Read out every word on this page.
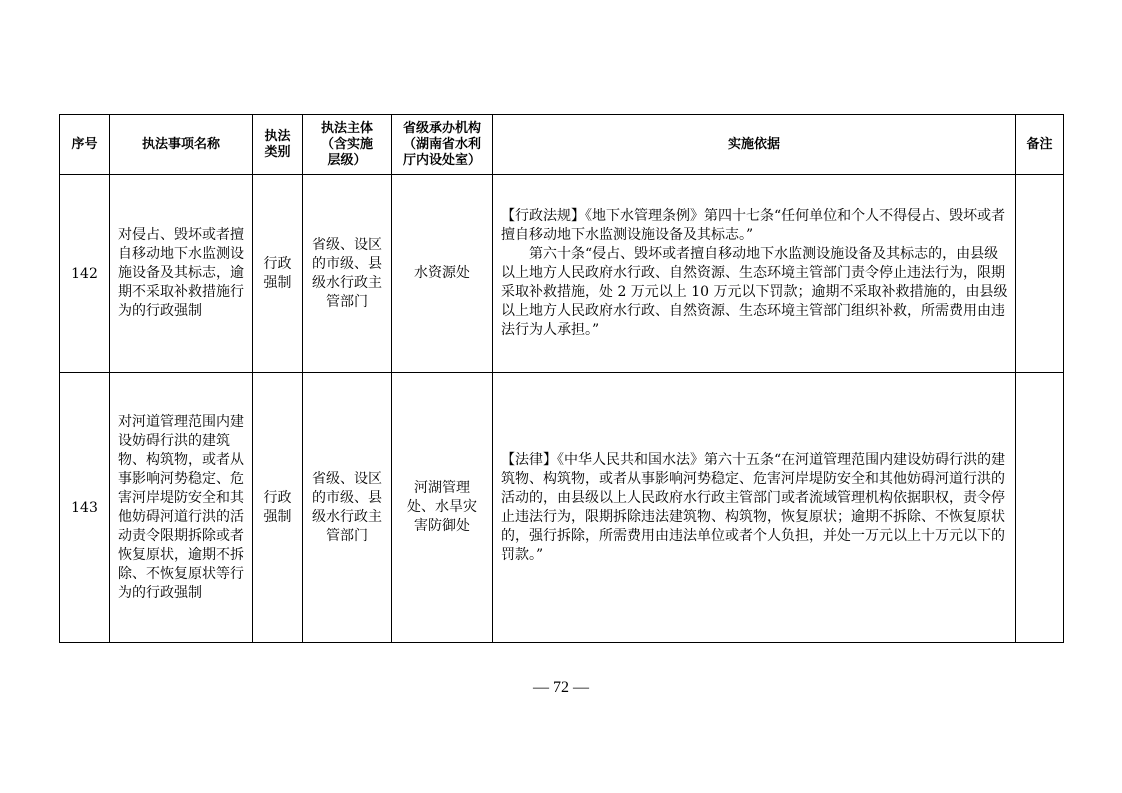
序号	执法事项名称	执法类别	执法主体（含实施层级）	省级承办机构（湖南省水利厅内设处室）	实施依据	备注
142	对侵占、毁坏或者擅自移动地下水监测设施设备及其标志，逾期不采取补救措施行为的行政强制	行政强制	省级、设区的市级、县级水行政主管部门	水资源处	【行政法规】《地下水管理条例》第四十七条“任何单位和个人不得侵占、毁坏或者擅自移动地下水监测设施设备及其标志。”

第六十条“侵占、毁坏或者擅自移动地下水监测设施设备及其标志的，由县级以上地方人民政府水行政、自然资源、生态环境主管部门责令停止违法行为，限期采取补救措施，处 2 万元以上 10 万元以下罚款；逾期不采取补救措施的，由县级以上地方人民政府水行政、自然资源、生态环境主管部门组织补救，所需费用由违法行为人承担。”	

143	对河道管理范围内建设妨碍行洪的建筑物、构筑物，或者从事影响河势稳定、危害河岸堤防安全和其他妨碍河道行洪的活动责令限期拆除或者恢复原状，逾期不拆除、不恢复原状等行为的行政强制	行政强制	省级、设区的市级、县级水行政主管部门	河湖管理处、水旱灾害防御处	【法律】《中华人民共和国水法》第六十五条“在河道管理范围内建设妨碍行洪的建筑物、构筑物，或者从事影响河势稳定、危害河岸堤防安全和其他妨碍河道行洪的活动的，由县级以上人民政府水行政主管部门或者流域管理机构依据职权，责令停止违法行为，限期拆除违法建筑物、构筑物，恢复原状；逾期不拆除、不恢复原状的，强行拆除，所需费用由违法单位或者个人负担，并处一万元以上十万元以下的罚款。”	

— 72 —
